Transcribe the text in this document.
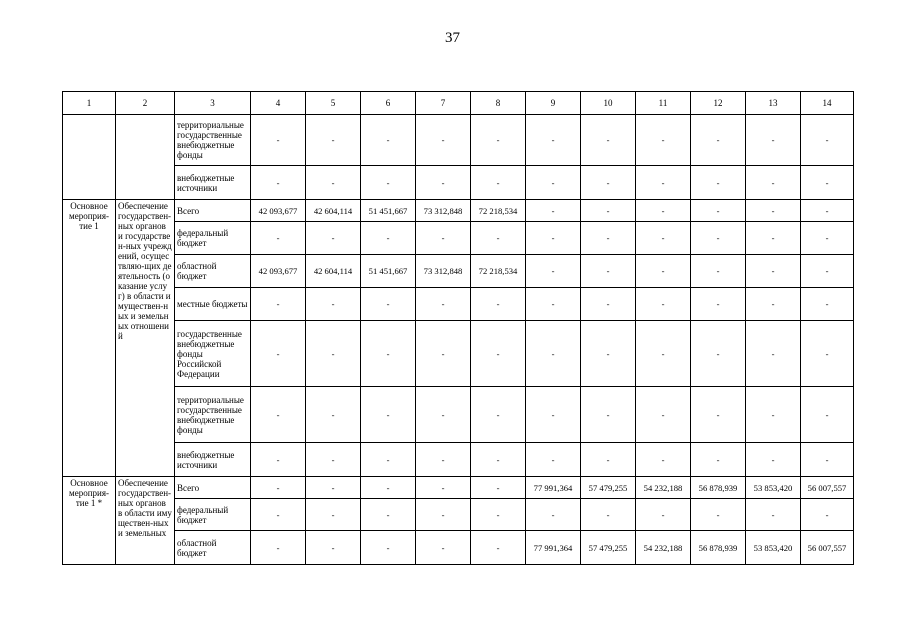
37
1	2	3	4	5	6	7	8	9	10	11	12	13	14
		территориальные государственные внебюджетные фонды	-	-	-	-	-	-	-	-	-	-	-
		внебюджетные источники	-	-	-	-	-	-	-	-	-	-	-
Основное мероприя-тие 1	Обеспечение государствен-ных органов и государствен-ных учреждений, осуществляю-щих деятельность (оказание услуг) в области имуществен-ных и земельных отношений	Всего	42 093,677	42 604,114	51 451,667	73 312,848	72 218,534	-	-	-	-	-	-
		федеральный бюджет	-	-	-	-	-	-	-	-	-	-	-
		областной бюджет	42 093,677	42 604,114	51 451,667	73 312,848	72 218,534	-	-	-	-	-	-
		местные бюджеты	-	-	-	-	-	-	-	-	-	-	-
		государственные внебюджетные фонды Российской Федерации	-	-	-	-	-	-	-	-	-	-	-
		территориальные государственные внебюджетные фонды	-	-	-	-	-	-	-	-	-	-	-
		внебюджетные источники	-	-	-	-	-	-	-	-	-	-	-
Основное мероприя-тие 1 *	Обеспечение государствен-ных органов в области имуществен-ных и земельных	Всего	-	-	-	-	-	77 991,364	57 479,255	54 232,188	56 878,939	53 853,420	56 007,557
		федеральный бюджет	-	-	-	-	-	-	-	-	-	-	-
		областной бюджет	-	-	-	-	-	77 991,364	57 479,255	54 232,188	56 878,939	53 853,420	56 007,557
